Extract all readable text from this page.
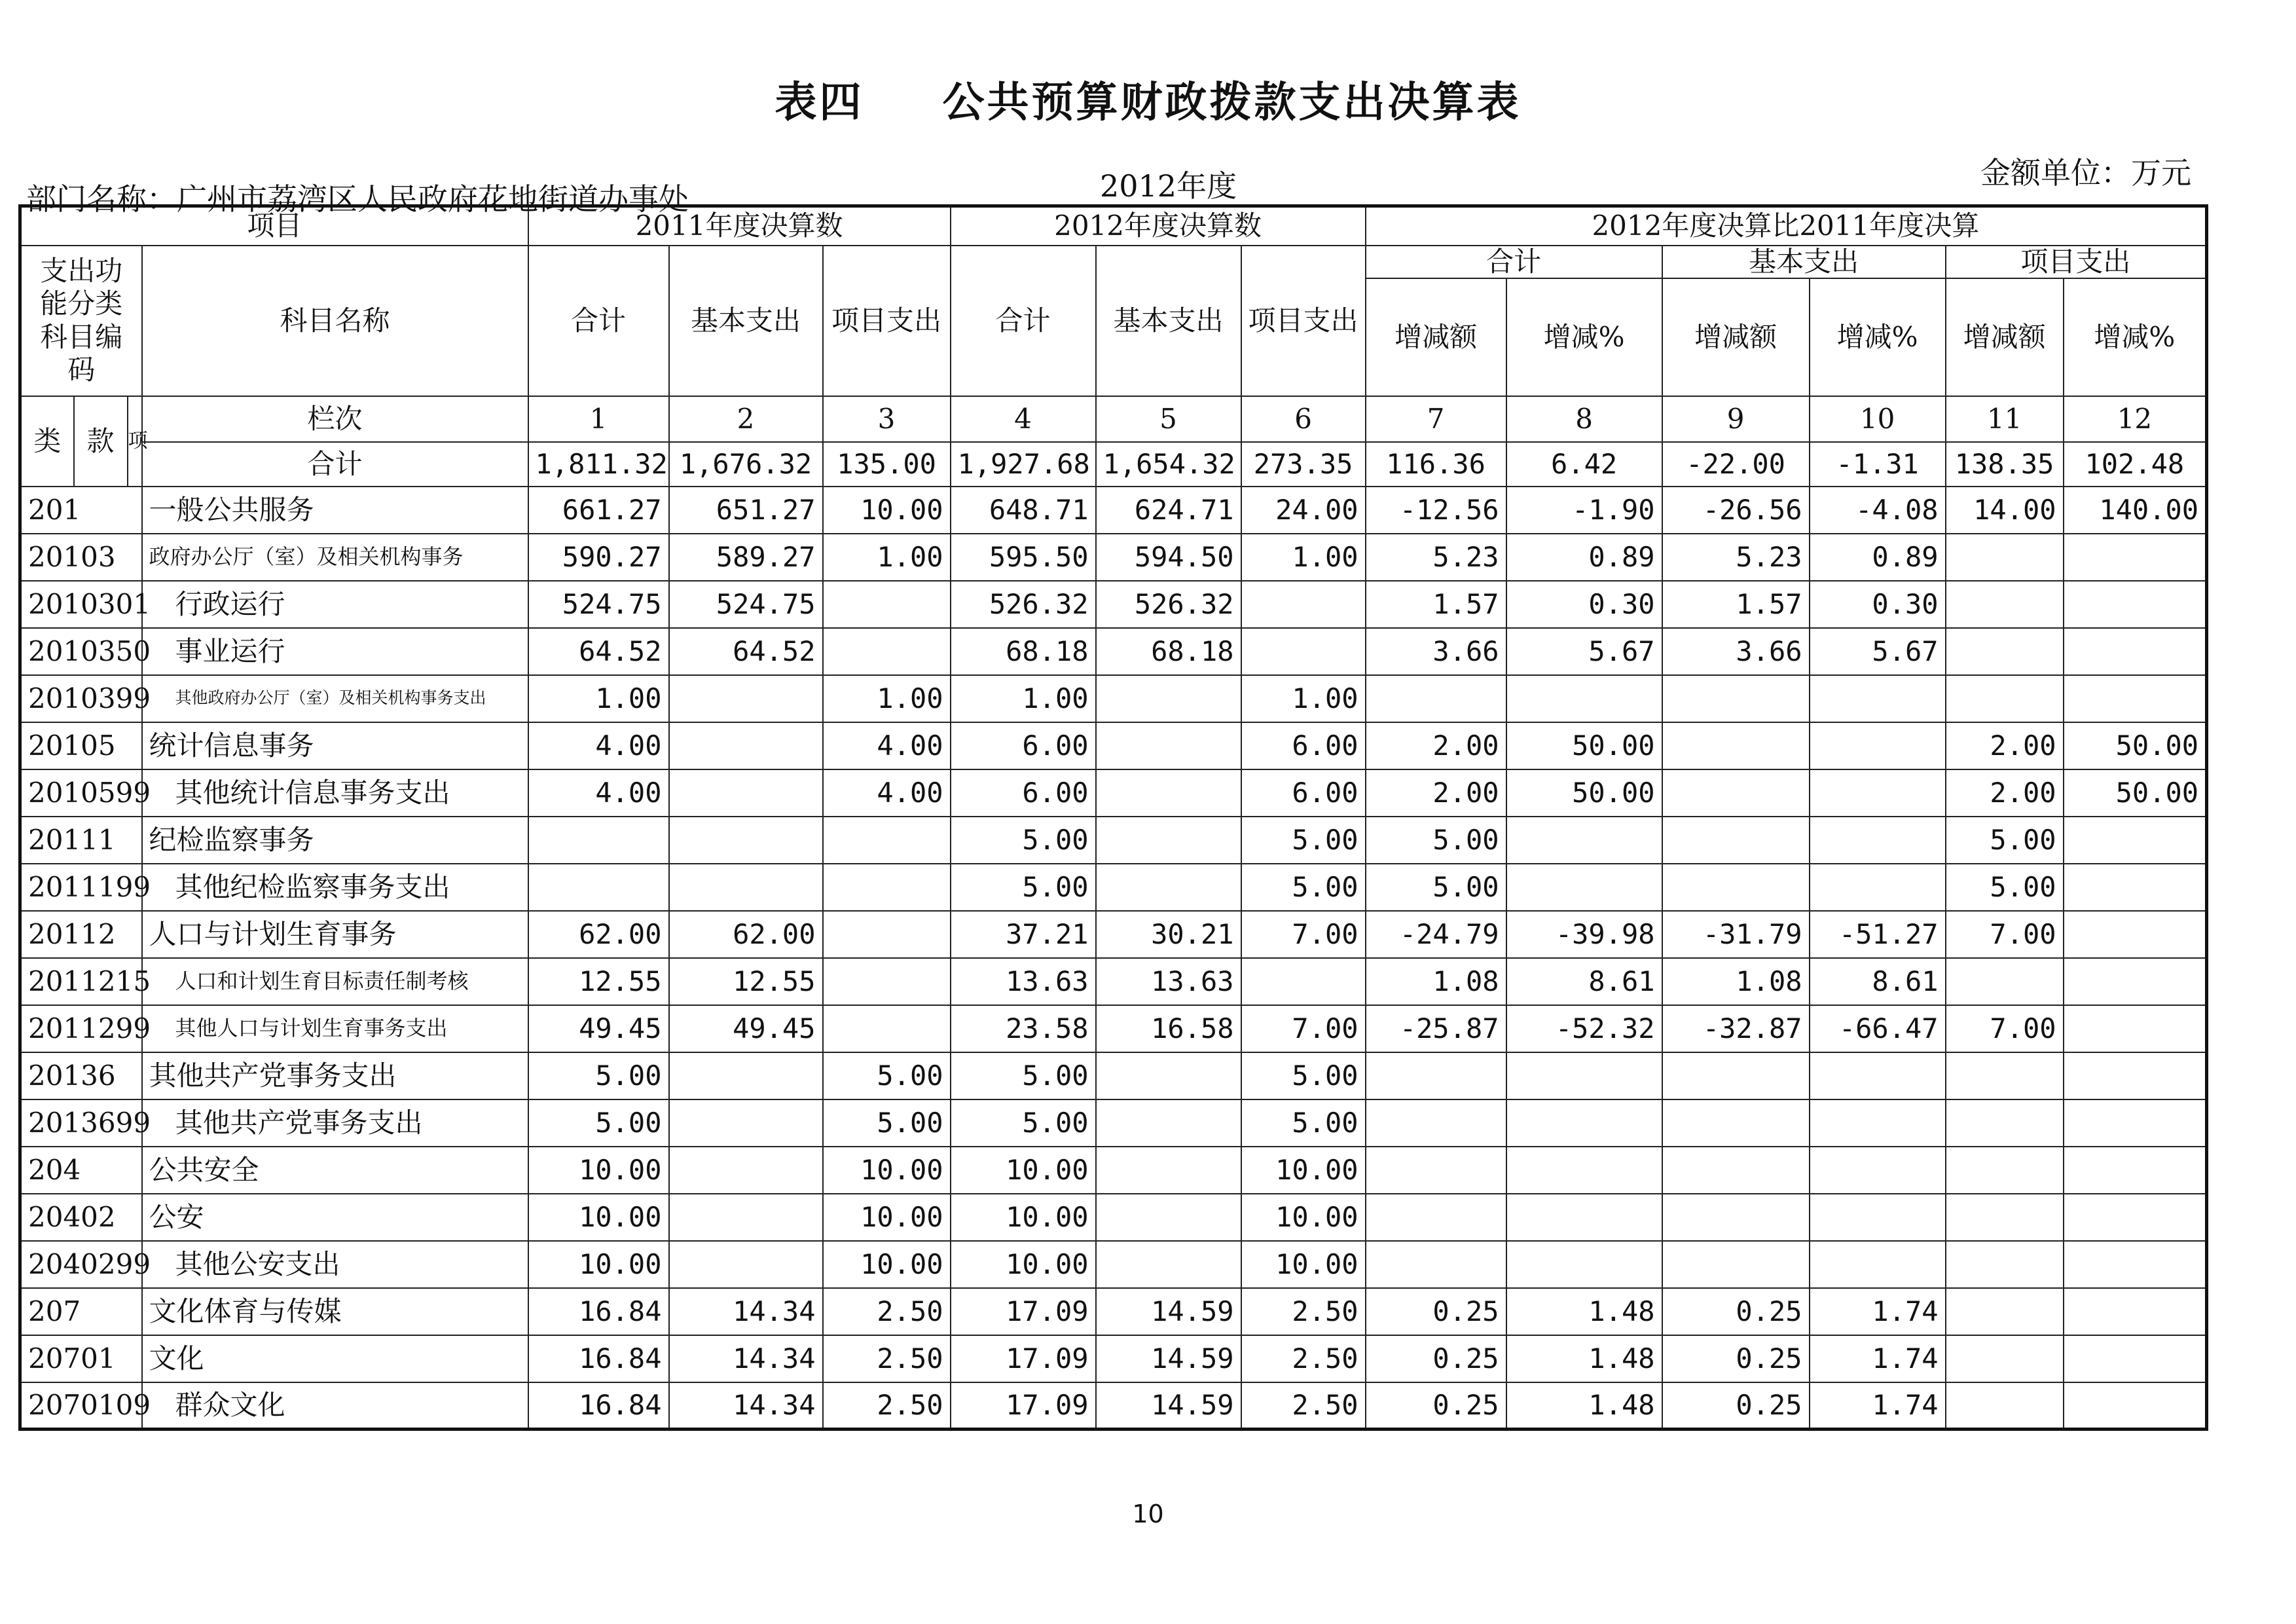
表四 公共预算财政拨款支出决算表
部门名称：广州市荔湾区人民政府花地街道办事处	2012年度	金额单位：万元
项目				2011年度决算数			2012年度决算数			2012年度决算比2011年度决算					
支出功能分类科目编码			科目名称	合计	基本支出	项目支出	合计	基本支出	项目支出	合计		基本支出		项目支出	
										增减额	增减%	增减额	增减%	增减额	增减%
类	款	项	栏次	1	2	3	4	5	6	7	8	9	10	11	12
			合计	1,811.32	1,676.32	135.00	1,927.68	1,654.32	273.35	116.36	6.42	-22.00	-1.31	138.35	102.48
201			一般公共服务	661.27	651.27	10.00	648.71	624.71	24.00	-12.56	-1.90	-26.56	-4.08	14.00	140.00
20103			政府办公厅（室）及相关机构事务	590.27	589.27	1.00	595.50	594.50	1.00	5.23	0.89	5.23	0.89		
2010301			行政运行	524.75	524.75		526.32	526.32		1.57	0.30	1.57	0.30		
2010350			事业运行	64.52	64.52		68.18	68.18		3.66	5.67	3.66	5.67		
2010399			其他政府办公厅（室）及相关机构事务支出	1.00		1.00	1.00		1.00						
20105			统计信息事务	4.00		4.00	6.00		6.00	2.00	50.00			2.00	50.00
2010599			其他统计信息事务支出	4.00		4.00	6.00		6.00	2.00	50.00			2.00	50.00
20111			纪检监察事务				5.00		5.00	5.00				5.00	
2011199			其他纪检监察事务支出				5.00		5.00	5.00				5.00	
20112			人口与计划生育事务	62.00	62.00		37.21	30.21	7.00	-24.79	-39.98	-31.79	-51.27	7.00	
2011215			人口和计划生育目标责任制考核	12.55	12.55		13.63	13.63		1.08	8.61	1.08	8.61		
2011299			其他人口与计划生育事务支出	49.45	49.45		23.58	16.58	7.00	-25.87	-52.32	-32.87	-66.47	7.00	
20136			其他共产党事务支出	5.00		5.00	5.00		5.00						
2013699			其他共产党事务支出	5.00		5.00	5.00		5.00						
204			公共安全	10.00		10.00	10.00		10.00						
20402			公安	10.00		10.00	10.00		10.00						
2040299			其他公安支出	10.00		10.00	10.00		10.00						
207			文化体育与传媒	16.84	14.34	2.50	17.09	14.59	2.50	0.25	1.48	0.25	1.74		
20701			文化	16.84	14.34	2.50	17.09	14.59	2.50	0.25	1.48	0.25	1.74		
2070109			群众文化	16.84	14.34	2.50	17.09	14.59	2.50	0.25	1.48	0.25	1.74		
10
